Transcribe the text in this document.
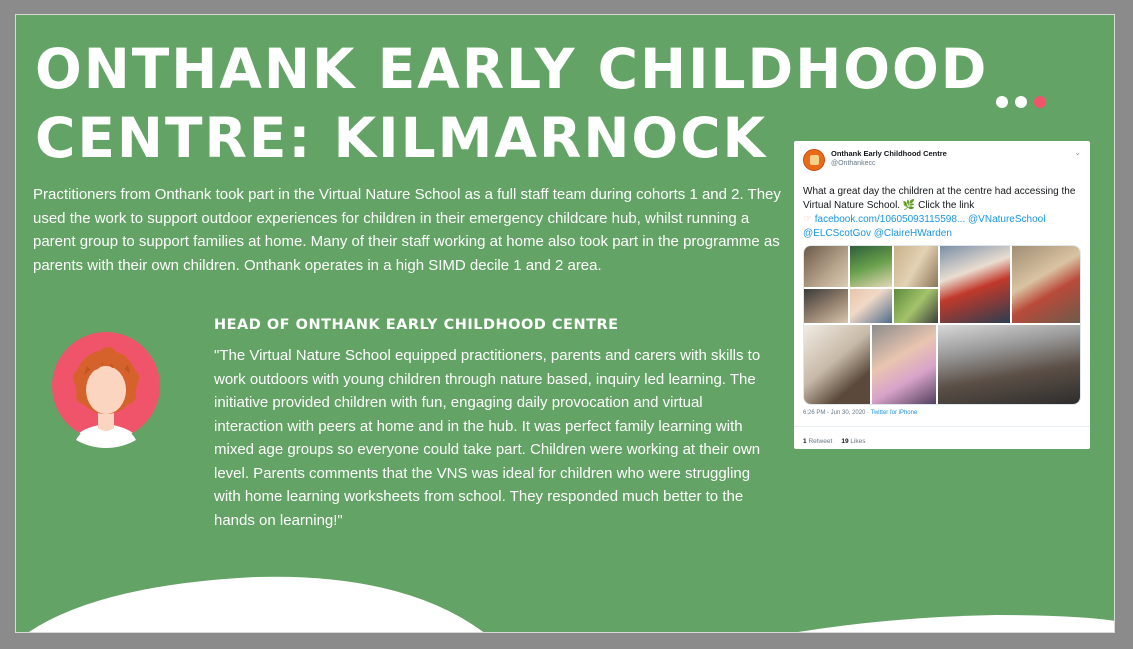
ONTHANK EARLY CHILDHOOD
CENTRE: KILMARNOCK

Practitioners from Onthank took part in the Virtual Nature School as a full staff team during cohorts 1 and 2. They used the work to support outdoor experiences for children in their emergency childcare hub, whilst running a parent group to support families at home. Many of their staff working at home also took part in the programme as parents with their own children. Onthank operates in a high SIMD decile 1 and 2 area.

HEAD OF ONTHANK EARLY CHILDHOOD CENTRE

"The Virtual Nature School equipped practitioners, parents and carers with skills to work outdoors with young children through nature based, inquiry led learning. The initiative provided children with fun, engaging daily provocation and virtual interaction with peers at home and in the hub. It was perfect family learning with mixed age groups so everyone could take part. Children were working at their own level. Parents comments that the VNS was ideal for children who were struggling with home learning worksheets from school. They responded much better to the hands on learning!"

Onthank Early Childhood Centre
@Onthankecc
⌄

What a great day the children at the centre had accessing the Virtual Nature School. 🌿 Click the link
☞ facebook.com/10605093115598... @VNatureSchool
@ELCScotGov @ClaireHWarden

6:26 PM - Jun 30, 2020 · Twitter for iPhone
1 Retweet 19 Likes
